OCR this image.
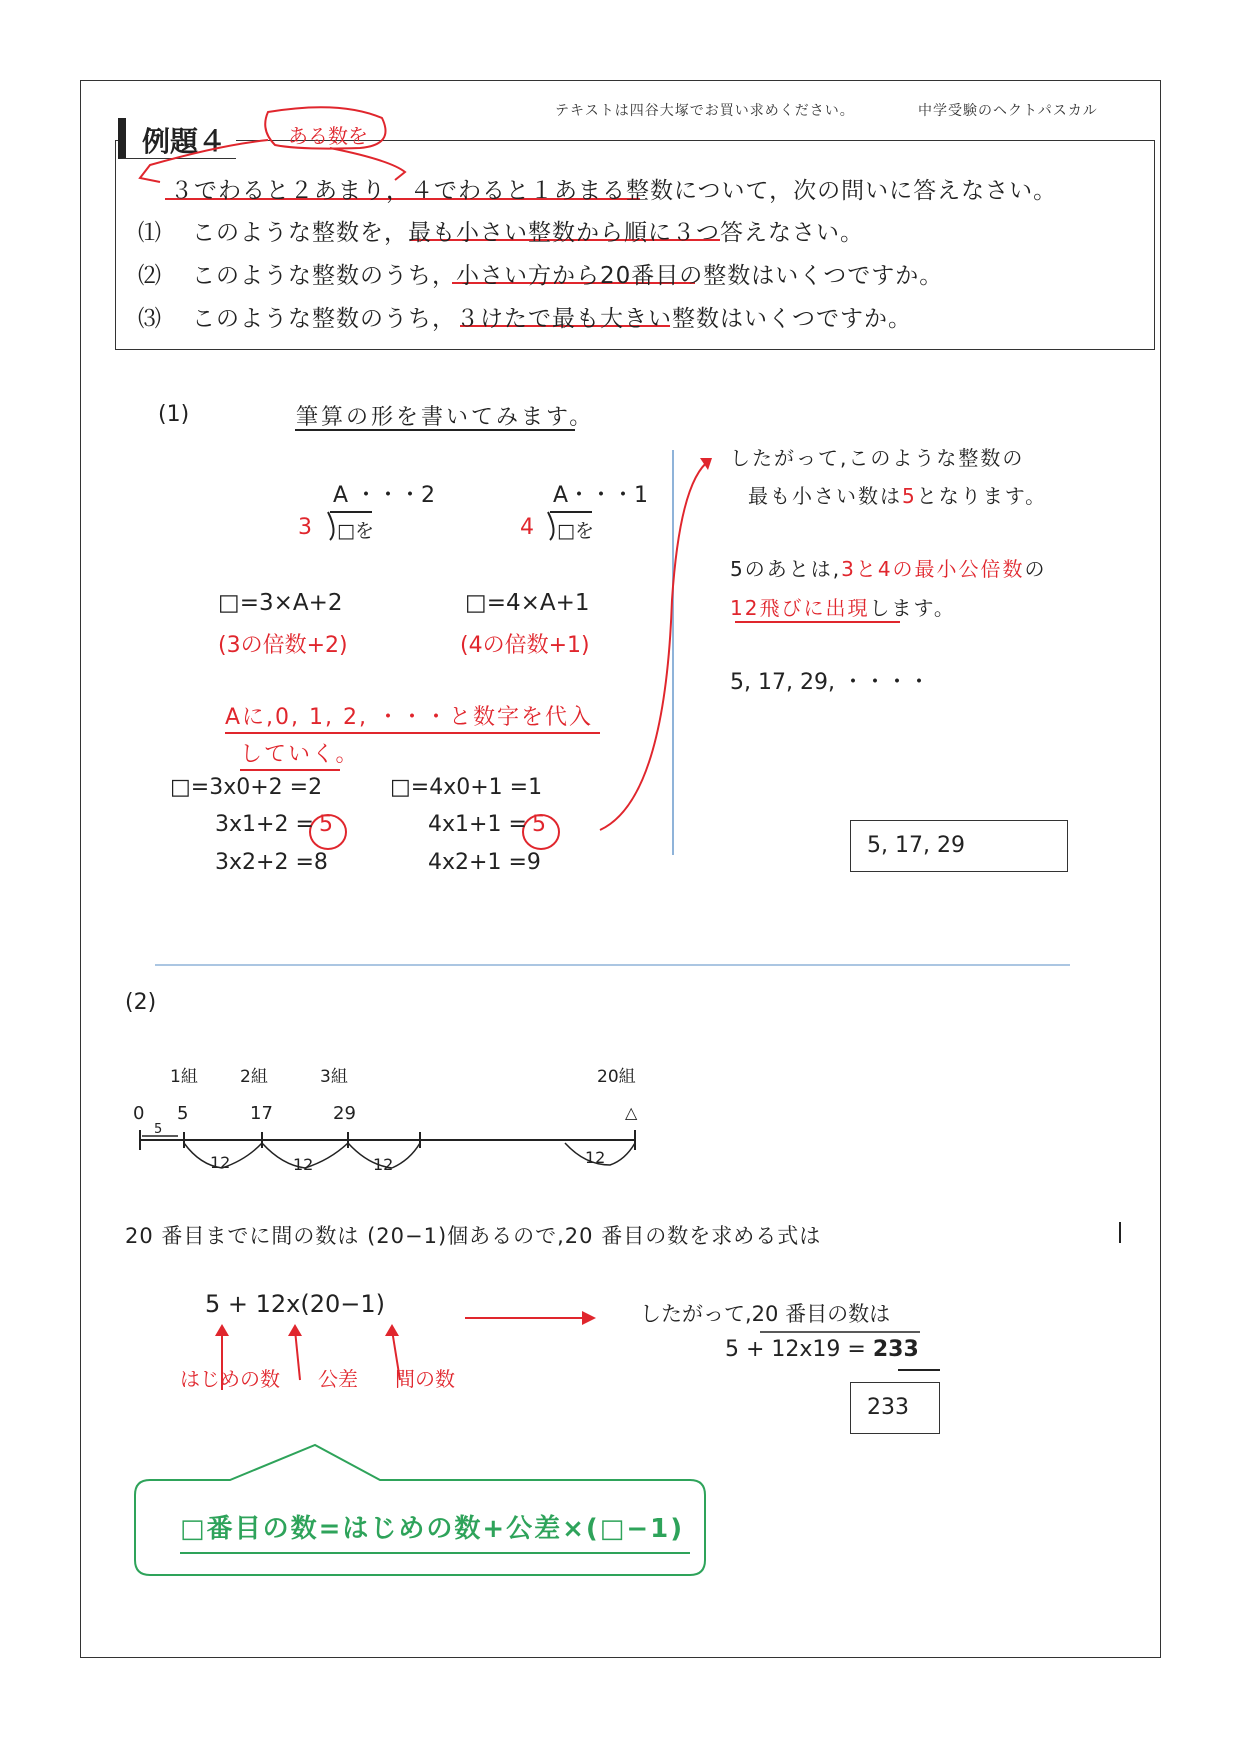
テキストは四谷大塚でお買い求めください。	中学受験のヘクトパスカル
例題４	ある数を
３でわると２あまり，４でわると１あまる整数について，次の問いに答えなさい。
⑴ このような整数を，最も小さい整数から順に３つ答えなさい。
⑵ このような整数のうち，小さい方から20番目の整数はいくつですか。
⑶ このような整数のうち，３けたで最も大きい整数はいくつですか。
(1)	筆算の形を書いてみます。
A ・・・2
3 □を
A・・・1
4 □を
□=3×A+2
(3の倍数+2)
□=4×A+1
(4の倍数+1)
Aに,0, 1, 2, ・・・と数字を代入
していく。
□=3x0+2 =2
3x1+2 = 5
3x2+2 =8
□=4x0+1 =1
4x1+1 = 5
4x2+1 =9
したがって,このような整数の
最も小さい数は5となります。
5のあとは,3と4の最小公倍数の
12飛びに出現します。
5, 17, 29, ・・・・
5, 17, 29
(2)
1組 2組	3組	20組
0 5	17	29	△
5
12	12	12	12
20 番目までに間の数は (20−1)個あるので,20 番目の数を求める式は
5 + 12x(20−1)
はじめの数 公差 間の数
したがって,20 番目の数は
5 + 12x19 = 233
233
□番目の数=はじめの数+公差×(□−1)
